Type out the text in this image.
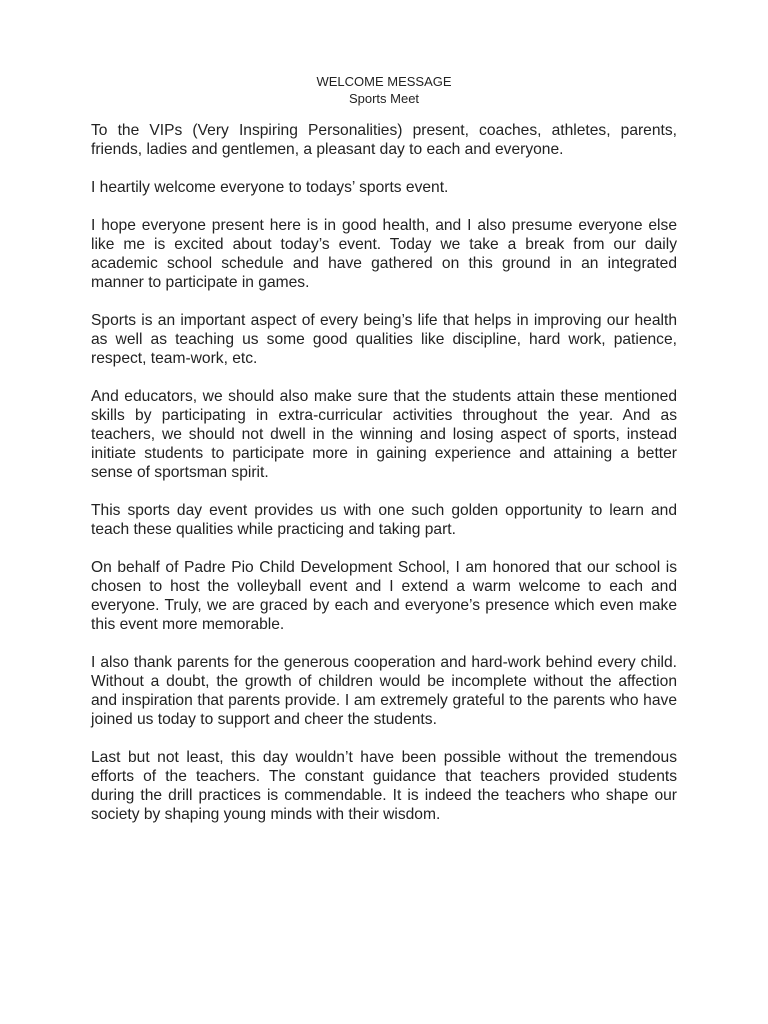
WELCOME MESSAGE
Sports Meet

To the VIPs (Very Inspiring Personalities) present, coaches, athletes, parents, friends, ladies and gentlemen, a pleasant day to each and everyone.

I heartily welcome everyone to todays’ sports event.

I hope everyone present here is in good health, and I also presume everyone else like me is excited about today’s event. Today we take a break from our daily academic school schedule and have gathered on this ground in an integrated manner to participate in games.

Sports is an important aspect of every being’s life that helps in improving our health as well as teaching us some good qualities like discipline, hard work, patience, respect, team-work, etc.

And educators, we should also make sure that the students attain these mentioned skills by participating in extra-curricular activities throughout the year. And as teachers, we should not dwell in the winning and losing aspect of sports, instead initiate students to participate more in gaining experience and attaining a better sense of sportsman spirit.

This sports day event provides us with one such golden opportunity to learn and teach these qualities while practicing and taking part.

On behalf of Padre Pio Child Development School, I am honored that our school is chosen to host the volleyball event and I extend a warm welcome to each and everyone. Truly, we are graced by each and everyone’s presence which even make this event more memorable.

I also thank parents for the generous cooperation and hard-work behind every child. Without a doubt, the growth of children would be incomplete without the affection and inspiration that parents provide. I am extremely grateful to the parents who have joined us today to support and cheer the students.

Last but not least, this day wouldn’t have been possible without the tremendous efforts of the teachers. The constant guidance that teachers provided students during the drill practices is commendable. It is indeed the teachers who shape our society by shaping young minds with their wisdom.
